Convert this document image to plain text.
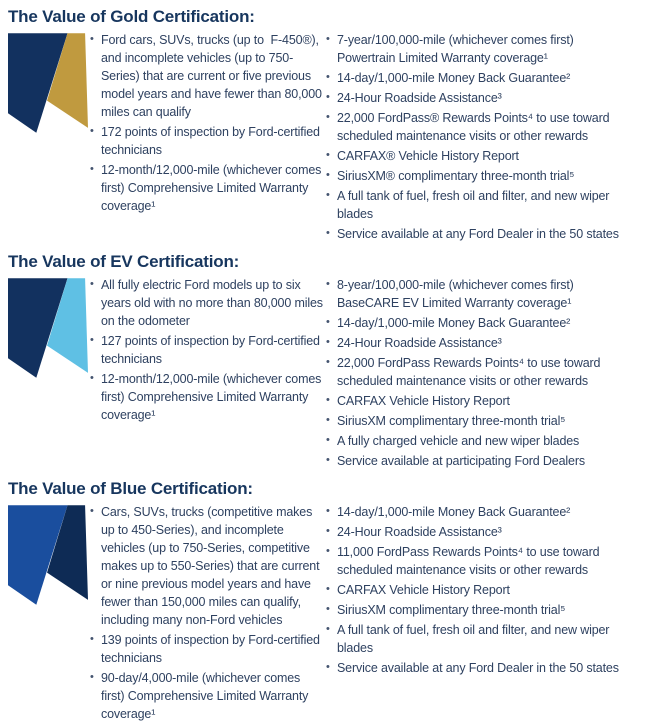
The Value of Gold Certification:
• Ford cars, SUVs, trucks (up to  F-450®), and incomplete vehicles (up to 750-Series) that are current or five previous model years and have fewer than 80,000 miles can qualify
• 172 points of inspection by Ford-certified technicians
• 12-month/12,000-mile (whichever comes first) Comprehensive Limited Warranty coverage¹
• 7-year/100,000-mile (whichever comes first) Powertrain Limited Warranty coverage¹
• 14-day/1,000-mile Money Back Guarantee²
• 24-Hour Roadside Assistance³
• 22,000 FordPass® Rewards Points⁴ to use toward scheduled maintenance visits or other rewards
• CARFAX® Vehicle History Report
• SiriusXM® complimentary three-month trial⁵
• A full tank of fuel, fresh oil and filter, and new wiper blades
• Service available at any Ford Dealer in the 50 states
The Value of EV Certification:
• All fully electric Ford models up to six years old with no more than 80,000 miles on the odometer
• 127 points of inspection by Ford-certified technicians
• 12-month/12,000-mile (whichever comes first) Comprehensive Limited Warranty coverage¹
• 8-year/100,000-mile (whichever comes first) BaseCARE EV Limited Warranty coverage¹
• 14-day/1,000-mile Money Back Guarantee²
• 24-Hour Roadside Assistance³
• 22,000 FordPass Rewards Points⁴ to use toward scheduled maintenance visits or other rewards
• CARFAX Vehicle History Report
• SiriusXM complimentary three-month trial⁵
• A fully charged vehicle and new wiper blades
• Service available at participating Ford Dealers
The Value of Blue Certification:
• Cars, SUVs, trucks (competitive makes up to 450-Series), and incomplete vehicles (up to 750-Series, competitive makes up to 550-Series) that are current or nine previous model years and have fewer than 150,000 miles can qualify, including many non-Ford vehicles
• 139 points of inspection by Ford-certified technicians
• 90-day/4,000-mile (whichever comes first) Comprehensive Limited Warranty coverage¹
• 14-day/1,000-mile Money Back Guarantee²
• 24-Hour Roadside Assistance³
• 11,000 FordPass Rewards Points⁴ to use toward scheduled maintenance visits or other rewards
• CARFAX Vehicle History Report
• SiriusXM complimentary three-month trial⁵
• A full tank of fuel, fresh oil and filter, and new wiper blades
• Service available at any Ford Dealer in the 50 states
